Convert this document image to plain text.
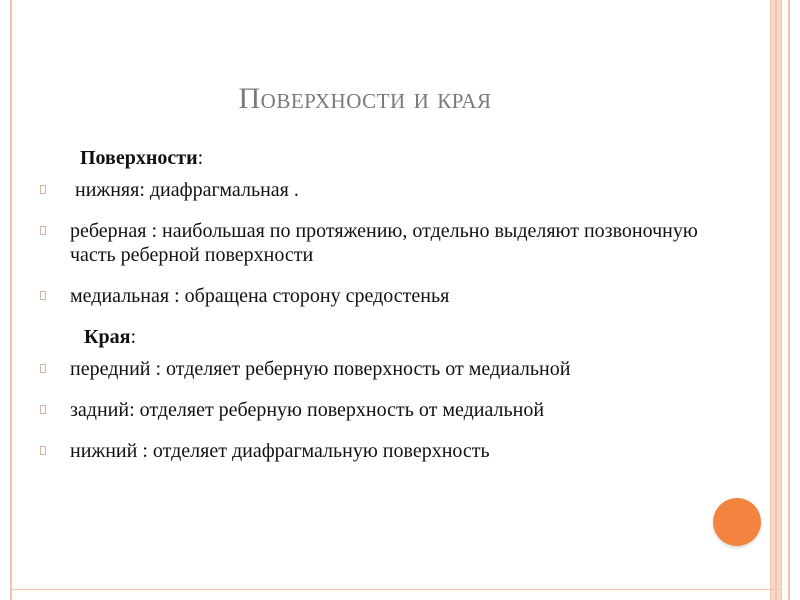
Поверхности и края
Поверхности :
нижняя: диафрагмальная .
реберная : наибольшая по протяжению, отдельно выделяют позвоночную часть реберной поверхности
медиальная : обращена сторону средостенья
Края :
передний : отделяет реберную поверхность от медиальной
задний: отделяет реберную поверхность от медиальной
нижний : отделяет диафрагмальную поверхность
